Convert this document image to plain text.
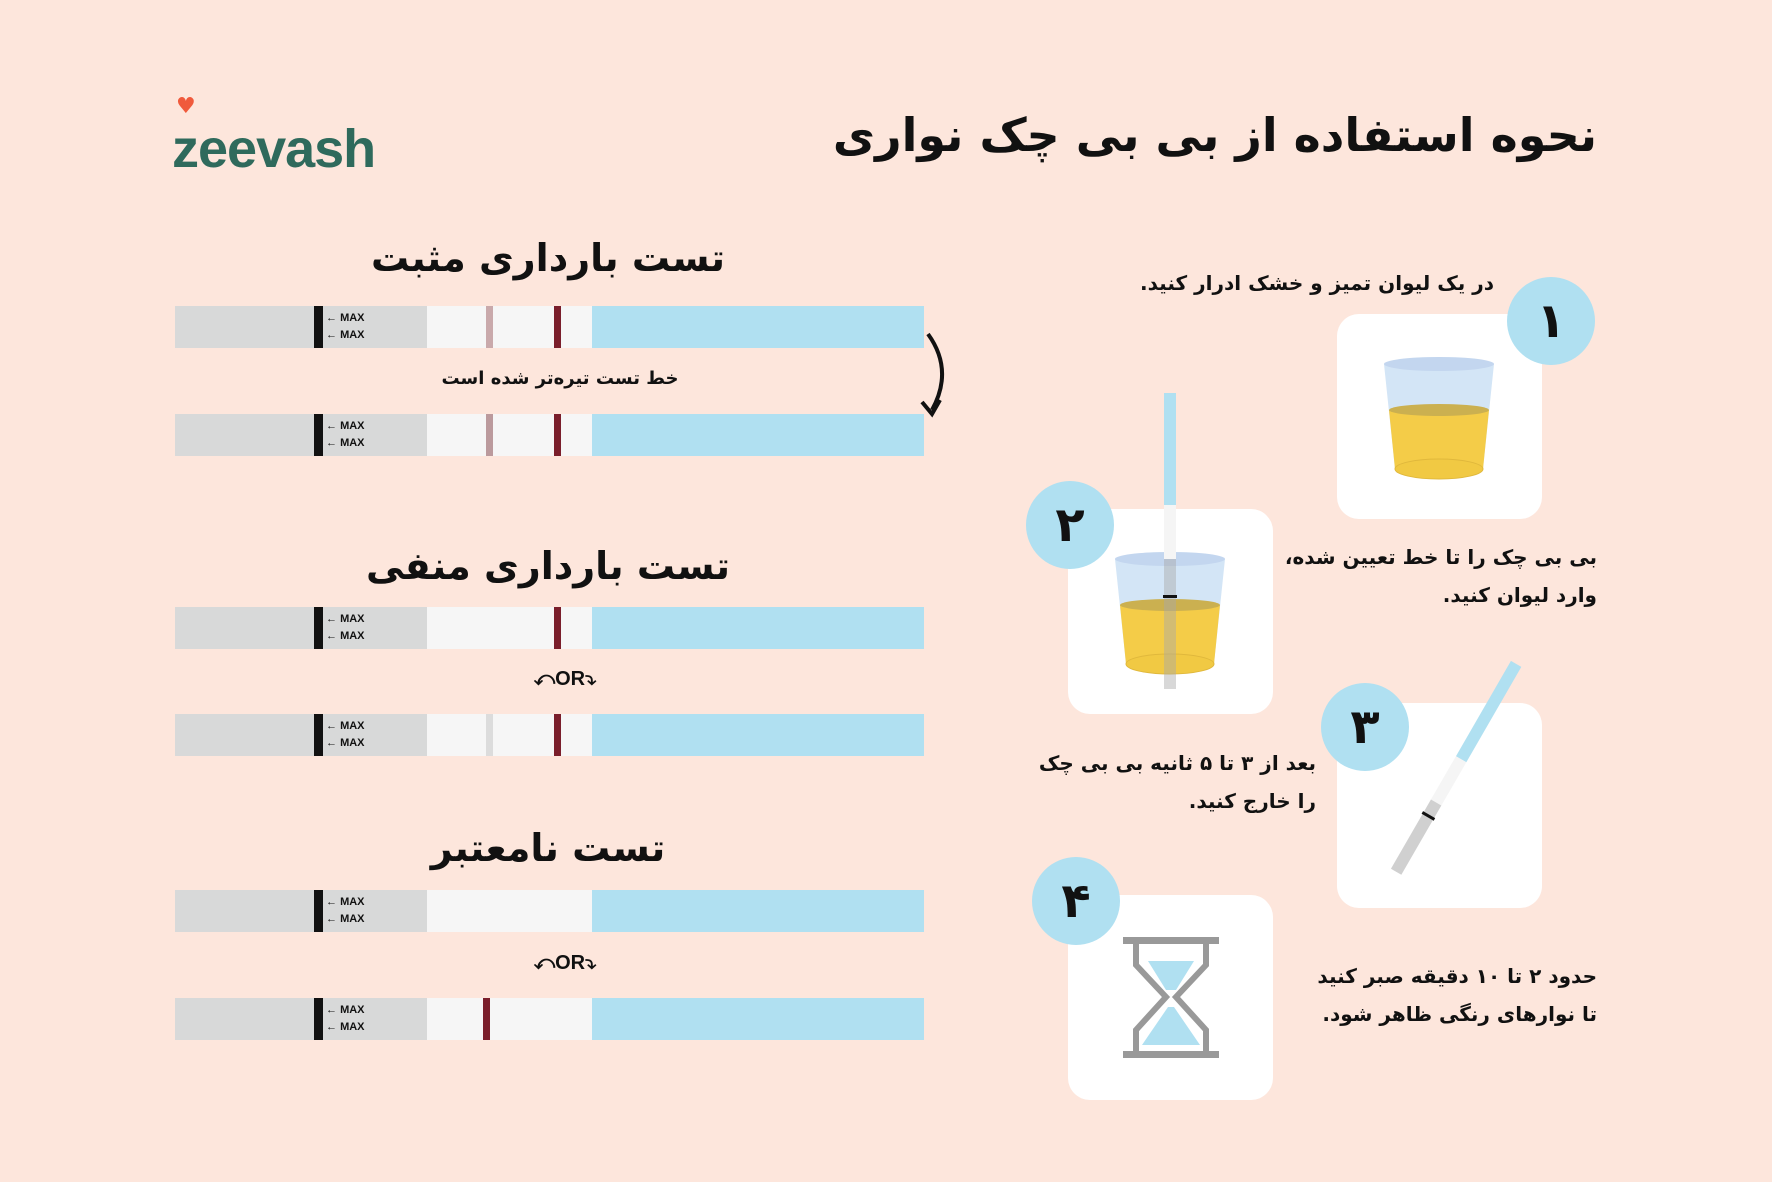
♥
zeevash	نحوه استفاده از بی بی چک نواری
تست بارداری مثبت
تست بارداری منفی
تست نامعتبر
← MAX
← MAX
← MAX
← MAX
← MAX
← MAX
← MAX
← MAX
← MAX
← MAX
← MAX
← MAX
خط تست تیره‌تر شده است
⤺OR⤵
⤺OR⤵
۱
۲
۳
۴
در یک لیوان تمیز و خشک ادرار کنید.
بی بی چک را تا خط تعیین شده،
وارد لیوان کنید.
بعد از ۳ تا ۵ ثانیه بی بی چک
را خارج کنید.
حدود ۲ تا ۱۰ دقیقه صبر کنید
تا نوارهای رنگی ظاهر شود.
